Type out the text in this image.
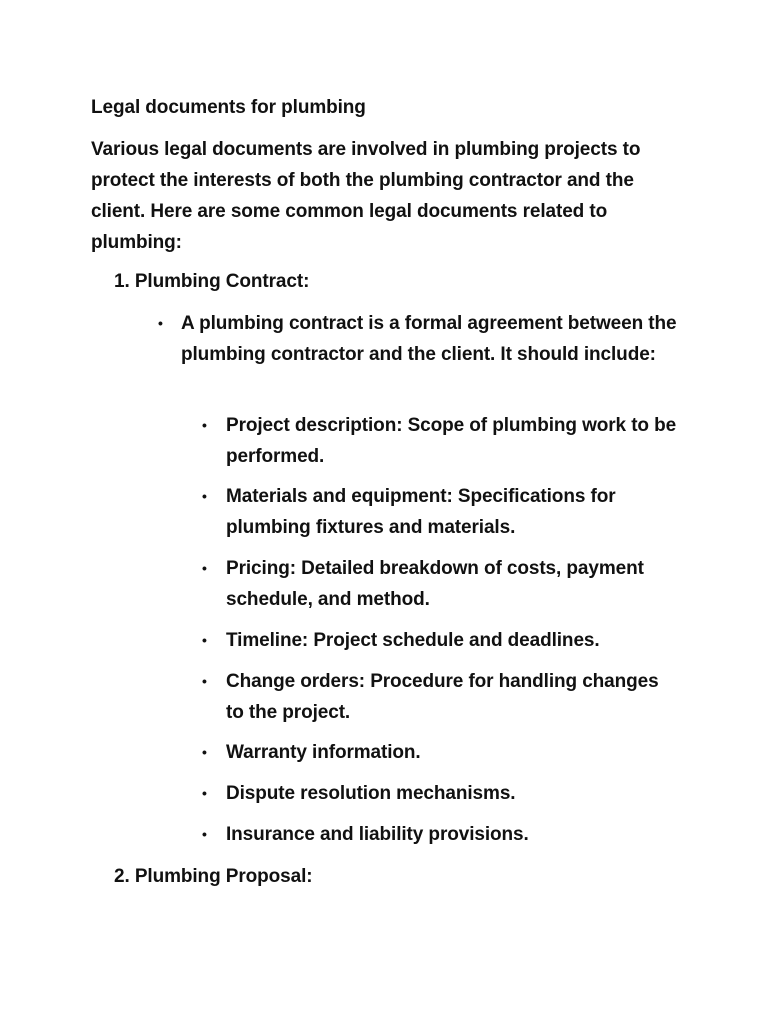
Legal documents for plumbing
Various legal documents are involved in plumbing projects to protect the interests of both the plumbing contractor and the client. Here are some common legal documents related to plumbing:
1. Plumbing Contract:
• A plumbing contract is a formal agreement between the plumbing contractor and the client. It should include:
• Project description: Scope of plumbing work to be performed.
• Materials and equipment: Specifications for plumbing fixtures and materials.
• Pricing: Detailed breakdown of costs, payment schedule, and method.
• Timeline: Project schedule and deadlines.
• Change orders: Procedure for handling changes to the project.
• Warranty information.
• Dispute resolution mechanisms.
• Insurance and liability provisions.
2. Plumbing Proposal:
